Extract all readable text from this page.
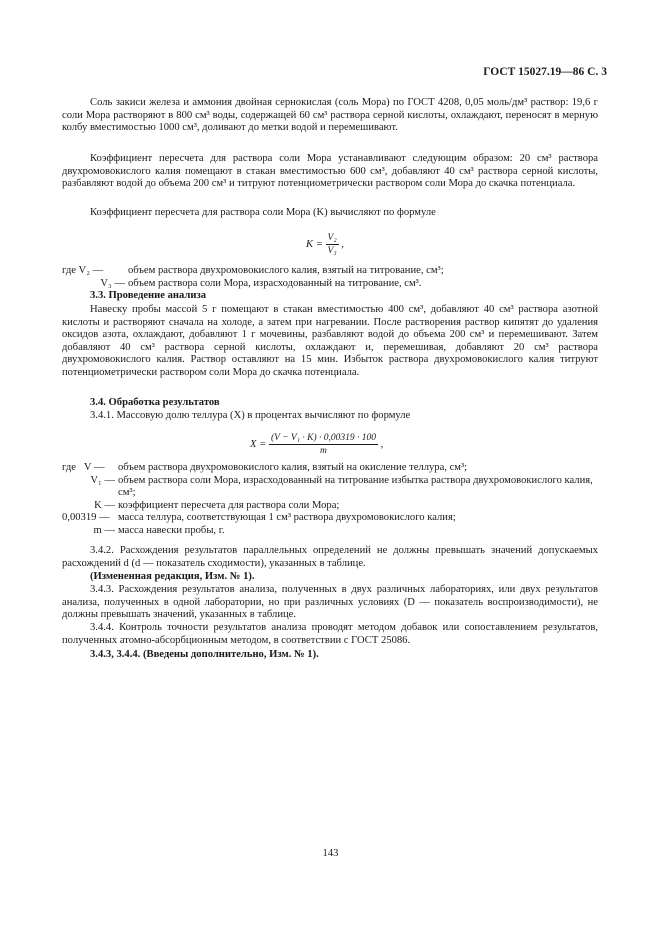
ГОСТ 15027.19—86 С. 3

Соль закиси железа и аммония двойная сернокислая (соль Мора) по ГОСТ 4208, 0,05 моль/дм³ раствор: 19,6 г соли Мора растворяют в 800 см³ воды, содержащей 60 см³ раствора серной кислоты, охлаждают, переносят в мерную колбу вместимостью 1000 см³, доливают до метки водой и перемешивают.

Коэффициент пересчета для раствора соли Мора устанавливают следующим образом: 20 см³ раствора двухромовокислого калия помещают в стакан вместимостью 600 см³, добавляют 40 см³ раствора серной кислоты, разбавляют водой до объема 200 см³ и титруют потенциометрически раствором соли Мора до скачка потенциала.

Коэффициент пересчета для раствора соли Мора (K) вычисляют по формуле

$K = \frac{\text{V₂}}{\text{V₃}}$ ,
где V₂ —	объем раствора двухромовокислого калия, взятый на титрование, см³;
V₃ — объем раствора соли Мора, израсходованный на титрование, см³.
3.3. Проведение анализа

Навеску пробы массой 5 г помещают в стакан вместимостью 400 см³, добавляют 40 см³ раствора азотной кислоты и растворяют сначала на холоде, а затем при нагревании. После растворения раствор кипятят до удаления оксидов азота, охлаждают, добавляют 1 г мочевины, разбавляют водой до объема 200 см³ и перемешивают. Затем добавляют 40 см³ раствора серной кислоты, охлаждают и, перемешивая, добавляют 20 см³ раствора двухромовокислого калия. Раствор оставляют на 15 мин. Избыток раствора двухромовокислого калия титруют потенциометрически раствором соли Мора до скачка потенциала.

3.4. Обработка результатов

3.4.1. Массовую долю теллура (X) в процентах вычисляют по формуле

$X = \frac{\text{(V − V₁ · K) · 0,00319 · 100}}{m}$ ,
где   V —	объем раствора двухромовокислого калия, взятый на окисление теллура, см³;
V₁ — объем раствора соли Мора, израсходованный на титрование избытка раствора двухромовокислого калия, см³;
K — коэффициент пересчета для раствора соли Мора;
0,00319 — масса теллура, соответствующая 1 см³ раствора двухромовокислого калия;
m — масса навески пробы, г.

3.4.2. Расхождения результатов параллельных определений не должны превышать значений допускаемых расхождений d (d — показатель сходимости), указанных в таблице.

(Измененная редакция, Изм. № 1).

3.4.3. Расхождения результатов анализа, полученных в двух различных лабораториях, или двух результатов анализа, полученных в одной лаборатории, но при различных условиях (D — показатель воспроизводимости), не должны превышать значений, указанных в таблице.

3.4.4. Контроль точности результатов анализа проводят методом добавок или сопоставлением результатов, полученных атомно-абсорбционным методом, в соответствии с ГОСТ 25086.

3.4.3, 3.4.4. (Введены дополнительно, Изм. № 1).

143
